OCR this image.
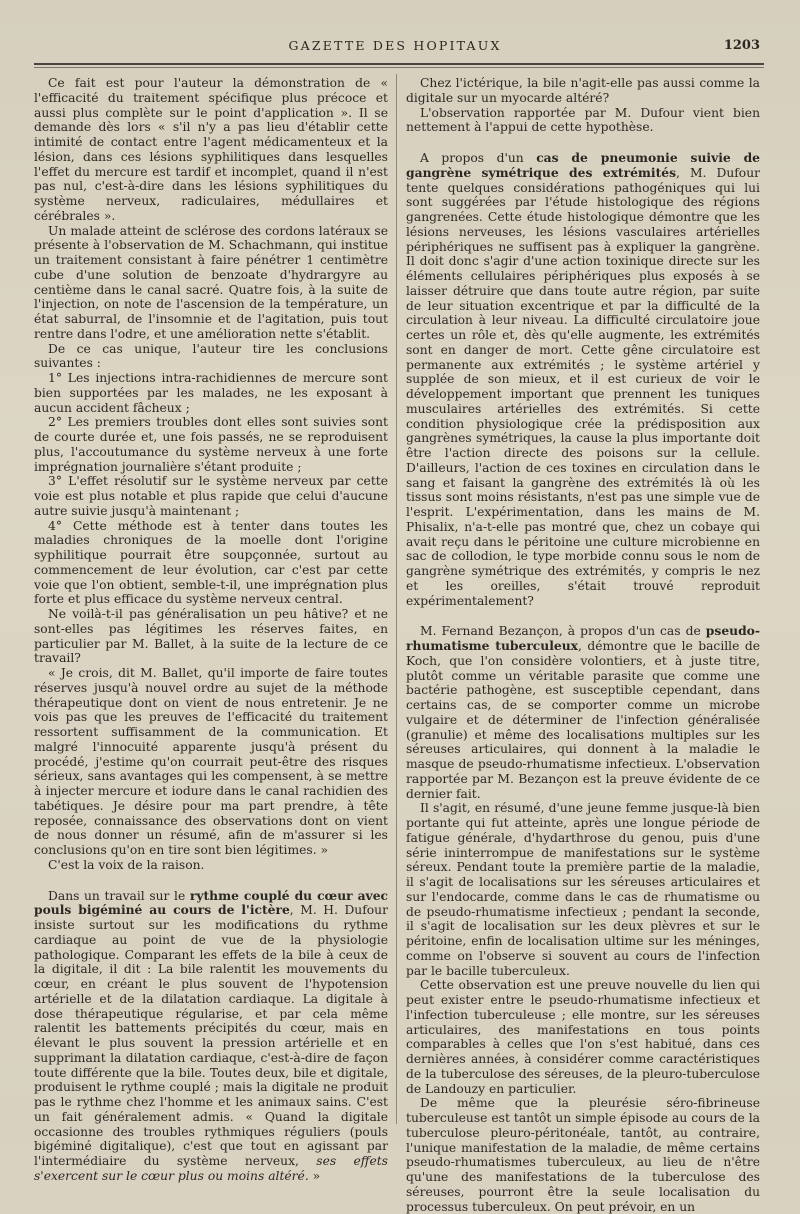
GAZETTE DES HOPITAUX	1203

Ce fait est pour l'auteur la démonstration de « l'efficacité du traitement spécifique plus précoce et aussi plus complète sur le point d'application ». Il se demande dès lors « s'il n'y a pas lieu d'établir cette intimité de contact entre l'agent médicamenteux et la lésion, dans ces lésions syphilitiques dans lesquelles l'effet du mercure est tardif et incomplet, quand il n'est pas nul, c'est-à-dire dans les lésions syphilitiques du système nerveux, radiculaires, médullaires et cérébrales ».

Un malade atteint de sclérose des cordons latéraux se présente à l'observation de M. Schachmann, qui institue un traitement consistant à faire pénétrer 1 centimètre cube d'une solution de benzoate d'hydrargyre au centième dans le canal sacré. Quatre fois, à la suite de l'injection, on note de l'ascension de la température, un état saburral, de l'insomnie et de l'agitation, puis tout rentre dans l'odre, et une amélioration nette s'établit.

De ce cas unique, l'auteur tire les conclusions suivantes :

1° Les injections intra-rachidiennes de mercure sont bien supportées par les malades, ne les exposant à aucun accident fâcheux ;

2° Les premiers troubles dont elles sont suivies sont de courte durée et, une fois passés, ne se reproduisent plus, l'accoutumance du système nerveux à une forte imprégnation journalière s'étant produite ;

3° L'effet résolutif sur le système nerveux par cette voie est plus notable et plus rapide que celui d'aucune autre suivie jusqu'à maintenant ;

4° Cette méthode est à tenter dans toutes les maladies chroniques de la moelle dont l'origine syphilitique pourrait être soupçonnée, surtout au commencement de leur évolution, car c'est par cette voie que l'on obtient, semble-t-il, une imprégnation plus forte et plus efficace du système nerveux central.

Ne voilà-t-il pas généralisation un peu hâtive? et ne sont-elles pas légitimes les réserves faites, en particulier par M. Ballet, à la suite de la lecture de ce travail?

« Je crois, dit M. Ballet, qu'il importe de faire toutes réserves jusqu'à nouvel ordre au sujet de la méthode thérapeutique dont on vient de nous entretenir. Je ne vois pas que les preuves de l'efficacité du traitement ressortent suffisamment de la communication. Et malgré l'innocuité apparente jusqu'à présent du procédé, j'estime qu'on courrait peut-être des risques sérieux, sans avantages qui les compensent, à se mettre à injecter mercure et iodure dans le canal rachidien des tabétiques. Je désire pour ma part prendre, à tête reposée, connaissance des observations dont on vient de nous donner un résumé, afin de m'assurer si les conclusions qu'on en tire sont bien légitimes. »

C'est la voix de la raison.

Dans un travail sur le rythme couplé du cœur avec pouls bigéminé au cours de l'ictère, M. H. Dufour insiste surtout sur les modifications du rythme cardiaque au point de vue de la physiologie pathologique. Comparant les effets de la bile à ceux de la digitale, il dit : La bile ralentit les mouvements du cœur, en créant le plus souvent de l'hypotension artérielle et de la dilatation cardiaque. La digitale à dose thérapeutique régularise, et par cela même ralentit les battements précipités du cœur, mais en élevant le plus souvent la pression artérielle et en supprimant la dilatation cardiaque, c'est-à-dire de façon toute différente que la bile. Toutes deux, bile et digitale, produisent le rythme couplé ; mais la digitale ne produit pas le rythme chez l'homme et les animaux sains. C'est un fait généralement admis. « Quand la digitale occasionne des troubles rythmiques réguliers (pouls bigéminé digitalique), c'est que tout en agissant par l'intermédiaire du système nerveux, ses effets s'exercent sur le cœur plus ou moins altéré. »

Chez l'ictérique, la bile n'agit-elle pas aussi comme la digitale sur un myocarde altéré?

L'observation rapportée par M. Dufour vient bien nettement à l'appui de cette hypothèse.

A propos d'un cas de pneumonie suivie de gangrène symétrique des extrémités, M. Dufour tente quelques considérations pathogéniques qui lui sont suggérées par l'étude histologique des régions gangrenées. Cette étude histologique démontre que les lésions nerveuses, les lésions vasculaires artérielles périphériques ne suffisent pas à expliquer la gangrène. Il doit donc s'agir d'une action toxinique directe sur les éléments cellulaires périphériques plus exposés à se laisser détruire que dans toute autre région, par suite de leur situation excentrique et par la difficulté de la circulation à leur niveau. La difficulté circulatoire joue certes un rôle et, dès qu'elle augmente, les extrémités sont en danger de mort. Cette gêne circulatoire est permanente aux extrémités ; le système artériel y supplée de son mieux, et il est curieux de voir le développement important que prennent les tuniques musculaires artérielles des extrémités. Si cette condition physiologique crée la prédisposition aux gangrènes symétriques, la cause la plus importante doit être l'action directe des poisons sur la cellule. D'ailleurs, l'action de ces toxines en circulation dans le sang et faisant la gangrène des extrémités là où les tissus sont moins résistants, n'est pas une simple vue de l'esprit. L'expérimentation, dans les mains de M. Phisalix, n'a-t-elle pas montré que, chez un cobaye qui avait reçu dans le péritoine une culture microbienne en sac de collodion, le type morbide connu sous le nom de gangrène symétrique des extrémités, y compris le nez et les oreilles, s'était trouvé reproduit expérimentalement?

M. Fernand Bezançon, à propos d'un cas de pseudo-rhumatisme tuberculeux, démontre que le bacille de Koch, que l'on considère volontiers, et à juste titre, plutôt comme un véritable parasite que comme une bactérie pathogène, est susceptible cependant, dans certains cas, de se comporter comme un microbe vulgaire et de déterminer de l'infection généralisée (granulie) et même des localisations multiples sur les séreuses articulaires, qui donnent à la maladie le masque de pseudo-rhumatisme infectieux. L'observation rapportée par M. Bezançon est la preuve évidente de ce dernier fait.

Il s'agit, en résumé, d'une jeune femme jusque-là bien portante qui fut atteinte, après une longue période de fatigue générale, d'hydarthrose du genou, puis d'une série ininterrompue de manifestations sur le système séreux. Pendant toute la première partie de la maladie, il s'agit de localisations sur les séreuses articulaires et sur l'endocarde, comme dans le cas de rhumatisme ou de pseudo-rhumatisme infectieux ; pendant la seconde, il s'agit de localisation sur les deux plèvres et sur le péritoine, enfin de localisation ultime sur les méninges, comme on l'observe si souvent au cours de l'infection par le bacille tuberculeux.

Cette observation est une preuve nouvelle du lien qui peut exister entre le pseudo-rhumatisme infectieux et l'infection tuberculeuse ; elle montre, sur les séreuses articulaires, des manifestations en tous points comparables à celles que l'on s'est habitué, dans ces dernières années, à considérer comme caractéristiques de la tuberculose des séreuses, de la pleuro-tuberculose de Landouzy en particulier.

De même que la pleurésie séro-fibrineuse tuberculeuse est tantôt un simple épisode au cours de la tuberculose pleuro-péritonéale, tantôt, au contraire, l'unique manifestation de la maladie, de même certains pseudo-rhumatismes tuberculeux, au lieu de n'être qu'une des manifestations de la tuberculose des séreuses, pourront être la seule localisation du processus tuberculeux. On peut prévoir, en un
